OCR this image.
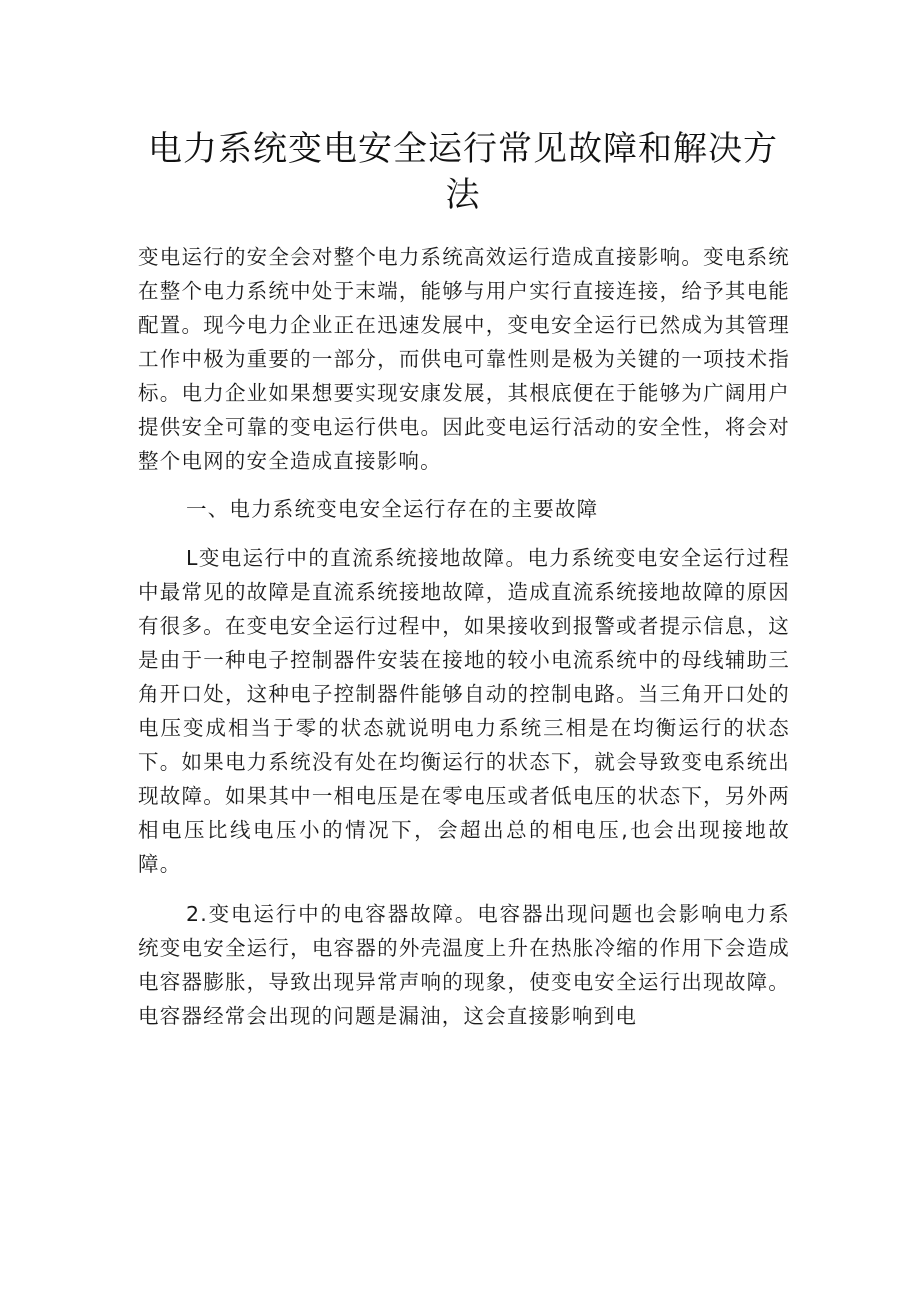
电力系统变电安全运行常见故障和解决方
法

变电运行的安全会对整个电力系统高效运行造成直接影响。变电系统在整个电力系统中处于末端，能够与用户实行直接连接，给予其电能配置。现今电力企业正在迅速发展中，变电安全运行已然成为其管理工作中极为重要的一部分，而供电可靠性则是极为关键的一项技术指标。电力企业如果想要实现安康发展，其根底便在于能够为广阔用户提供安全可靠的变电运行供电。因此变电运行活动的安全性，将会对整个电网的安全造成直接影响。

一、电力系统变电安全运行存在的主要故障

L变电运行中的直流系统接地故障。电力系统变电安全运行过程中最常见的故障是直流系统接地故障，造成直流系统接地故障的原因有很多。在变电安全运行过程中，如果接收到报警或者提示信息，这是由于一种电子控制器件安装在接地的较小电流系统中的母线辅助三角开口处，这种电子控制器件能够自动的控制电路。当三角开口处的电压变成相当于零的状态就说明电力系统三相是在均衡运行的状态下。如果电力系统没有处在均衡运行的状态下，就会导致变电系统出现故障。如果其中一相电压是在零电压或者低电压的状态下，另外两相电压比线电压小的情况下，会超出总的相电压,也会出现接地故障。

2.变电运行中的电容器故障。电容器出现问题也会影响电力系统变电安全运行，电容器的外壳温度上升在热胀冷缩的作用下会造成电容器膨胀，导致出现异常声响的现象，使变电安全运行出现故障。电容器经常会出现的问题是漏油，这会直接影响到电
